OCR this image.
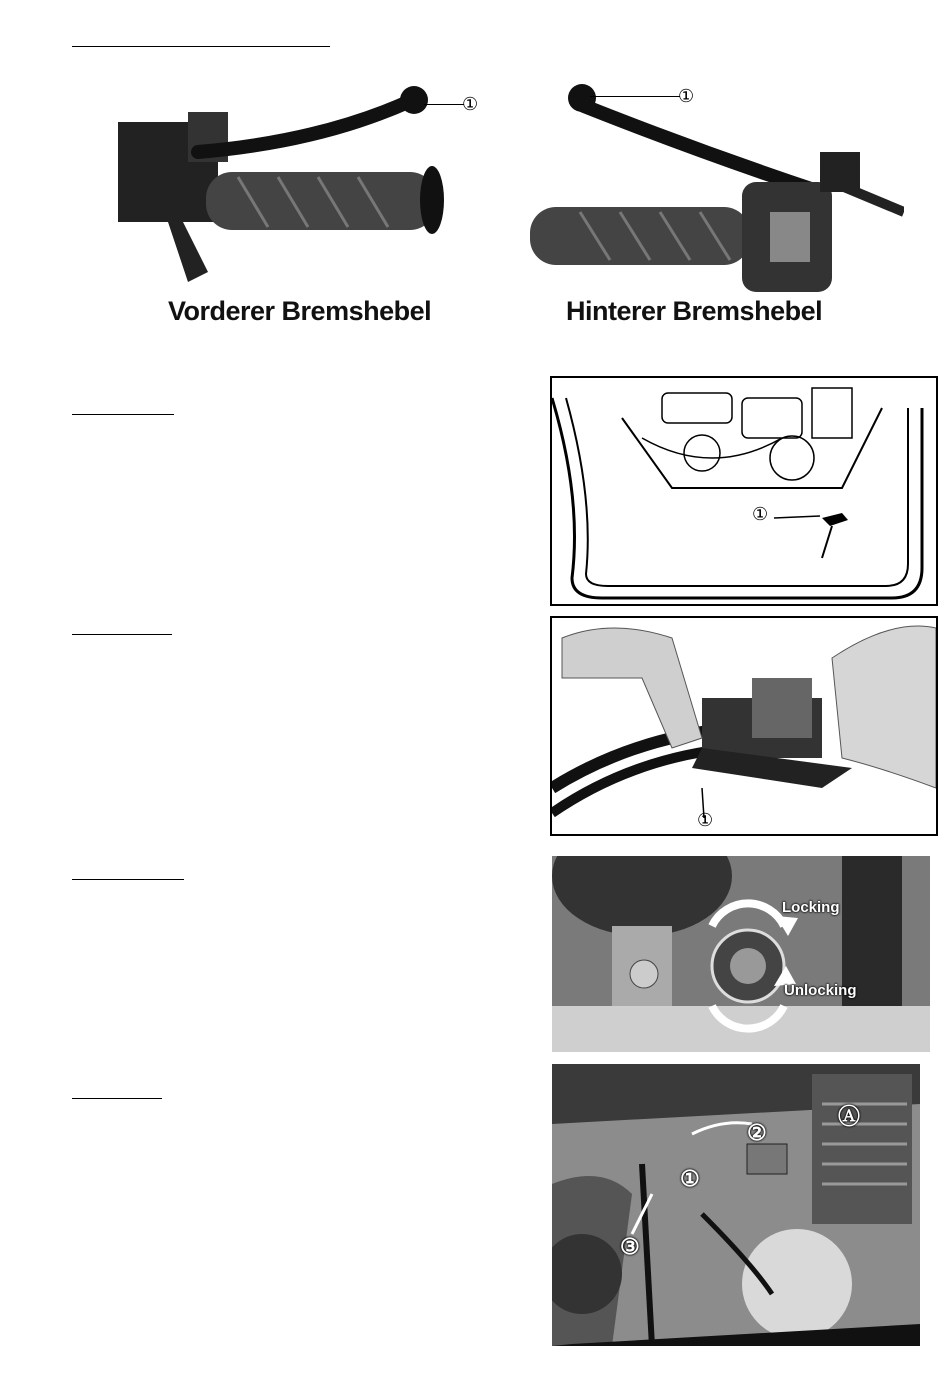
①
Vorderer Bremshebel
①
Hinterer Bremshebel
①
①
Locking
Unlocking
①
②
③
Ⓐ
